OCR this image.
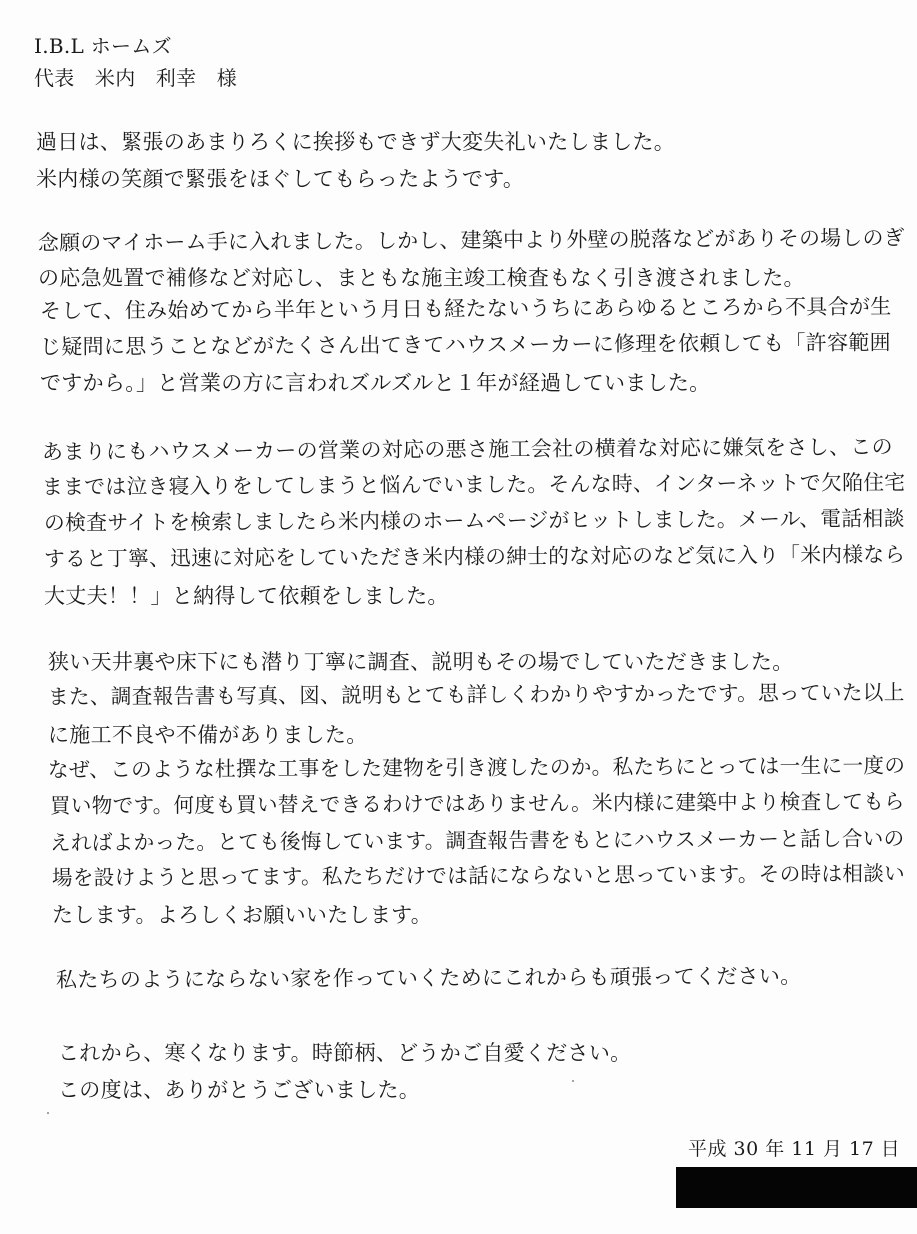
I.B.L ホームズ
代表　米内　利幸　様
過日は、緊張のあまりろくに挨拶もできず大変失礼いたしました。
米内様の笑顔で緊張をほぐしてもらったようです。
念願のマイホーム手に入れました。しかし、建築中より外壁の脱落などがありその場しのぎ
の応急処置で補修など対応し、まともな施主竣工検査もなく引き渡されました。
そして、住み始めてから半年という月日も経たないうちにあらゆるところから不具合が生
じ疑問に思うことなどがたくさん出てきてハウスメーカーに修理を依頼しても「許容範囲
ですから。」と営業の方に言われズルズルと１年が経過していました。
あまりにもハウスメーカーの営業の対応の悪さ施工会社の横着な対応に嫌気をさし、この
ままでは泣き寝入りをしてしまうと悩んでいました。そんな時、インターネットで欠陥住宅
の検査サイトを検索しましたら米内様のホームページがヒットしました。メール、電話相談
すると丁寧、迅速に対応をしていただき米内様の紳士的な対応のなど気に入り「米内様なら
大丈夫！！」と納得して依頼をしました。
狭い天井裏や床下にも潜り丁寧に調査、説明もその場でしていただきました。
また、調査報告書も写真、図、説明もとても詳しくわかりやすかったです。思っていた以上
に施工不良や不備がありました。
なぜ、このような杜撰な工事をした建物を引き渡したのか。私たちにとっては一生に一度の
買い物です。何度も買い替えできるわけではありません。米内様に建築中より検査してもら
えればよかった。とても後悔しています。調査報告書をもとにハウスメーカーと話し合いの
場を設けようと思ってます。私たちだけでは話にならないと思っています。その時は相談い
たします。よろしくお願いいたします。
私たちのようにならない家を作っていくためにこれからも頑張ってください。
これから、寒くなります。時節柄、どうかご自愛ください。
この度は、ありがとうございました。
平成 30 年 11 月 17 日
